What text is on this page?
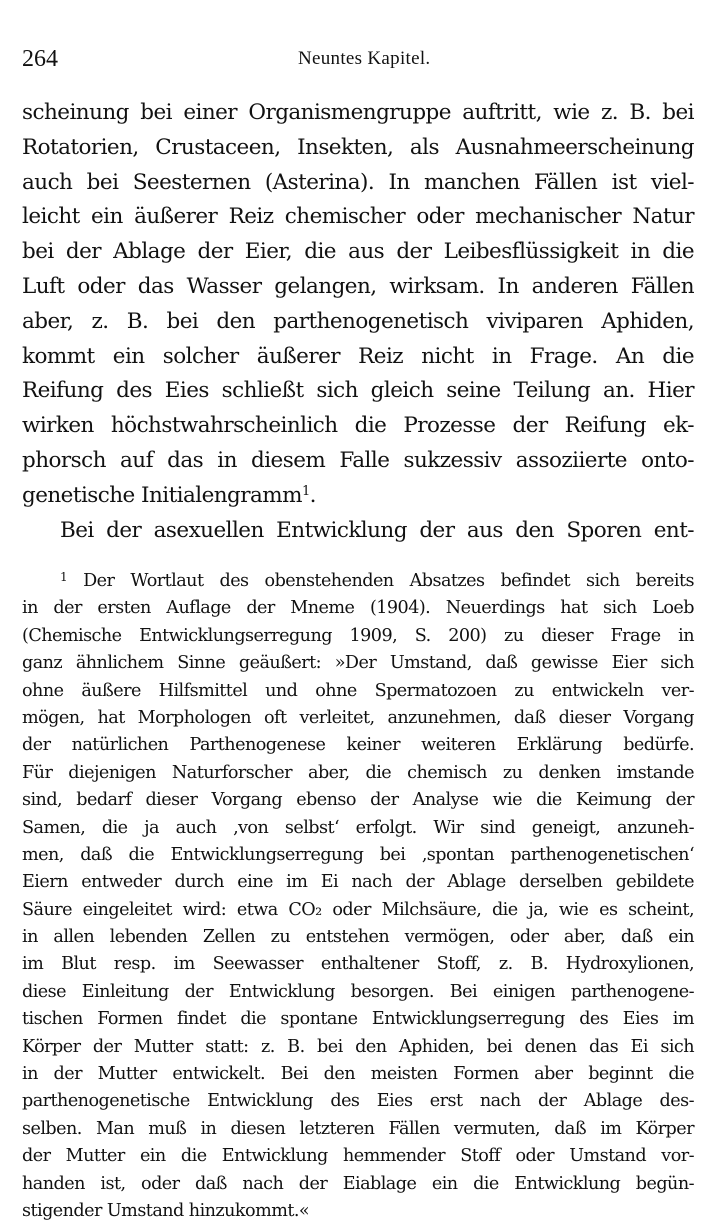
264	Neuntes Kapitel.
scheinung bei einer Organismengruppe auftritt, wie z. B. bei
Rotatorien, Crustaceen, Insekten, als Ausnahmeerscheinung
auch bei Seesternen (Asterina). In manchen Fällen ist viel-
leicht ein äußerer Reiz chemischer oder mechanischer Natur
bei der Ablage der Eier, die aus der Leibesflüssigkeit in die
Luft oder das Wasser gelangen, wirksam. In anderen Fällen
aber, z. B. bei den parthenogenetisch viviparen Aphiden,
kommt ein solcher äußerer Reiz nicht in Frage. An die
Reifung des Eies schließt sich gleich seine Teilung an. Hier
wirken höchstwahrscheinlich die Prozesse der Reifung ek-
phorsch auf das in diesem Falle sukzessiv assoziierte onto-
genetische Initialengramm$^1$.
Bei der asexuellen Entwicklung der aus den Sporen ent-
$^1$ Der Wortlaut des obenstehenden Absatzes befindet sich bereits
in der ersten Auflage der Mneme (1904). Neuerdings hat sich Loeb
(Chemische Entwicklungserregung 1909, S. 200) zu dieser Frage in
ganz ähnlichem Sinne geäußert: »Der Umstand, daß gewisse Eier sich
ohne äußere Hilfsmittel und ohne Spermatozoen zu entwickeln ver-
mögen, hat Morphologen oft verleitet, anzunehmen, daß dieser Vorgang
der natürlichen Parthenogenese keiner weiteren Erklärung bedürfe.
Für diejenigen Naturforscher aber, die chemisch zu denken imstande
sind, bedarf dieser Vorgang ebenso der Analyse wie die Keimung der
Samen, die ja auch ‚von selbst‘ erfolgt. Wir sind geneigt, anzuneh-
men, daß die Entwicklungserregung bei ‚spontan parthenogenetischen‘
Eiern entweder durch eine im Ei nach der Ablage derselben gebildete
Säure eingeleitet wird: etwa CO₂ oder Milchsäure, die ja, wie es scheint,
in allen lebenden Zellen zu entstehen vermögen, oder aber, daß ein
im Blut resp. im Seewasser enthaltener Stoff, z. B. Hydroxylionen,
diese Einleitung der Entwicklung besorgen. Bei einigen parthenogene-
tischen Formen findet die spontane Entwicklungserregung des Eies im
Körper der Mutter statt: z. B. bei den Aphiden, bei denen das Ei sich
in der Mutter entwickelt. Bei den meisten Formen aber beginnt die
parthenogenetische Entwicklung des Eies erst nach der Ablage des-
selben. Man muß in diesen letzteren Fällen vermuten, daß im Körper
der Mutter ein die Entwicklung hemmender Stoff oder Umstand vor-
handen ist, oder daß nach der Eiablage ein die Entwicklung begün-
stigender Umstand hinzukommt.«
